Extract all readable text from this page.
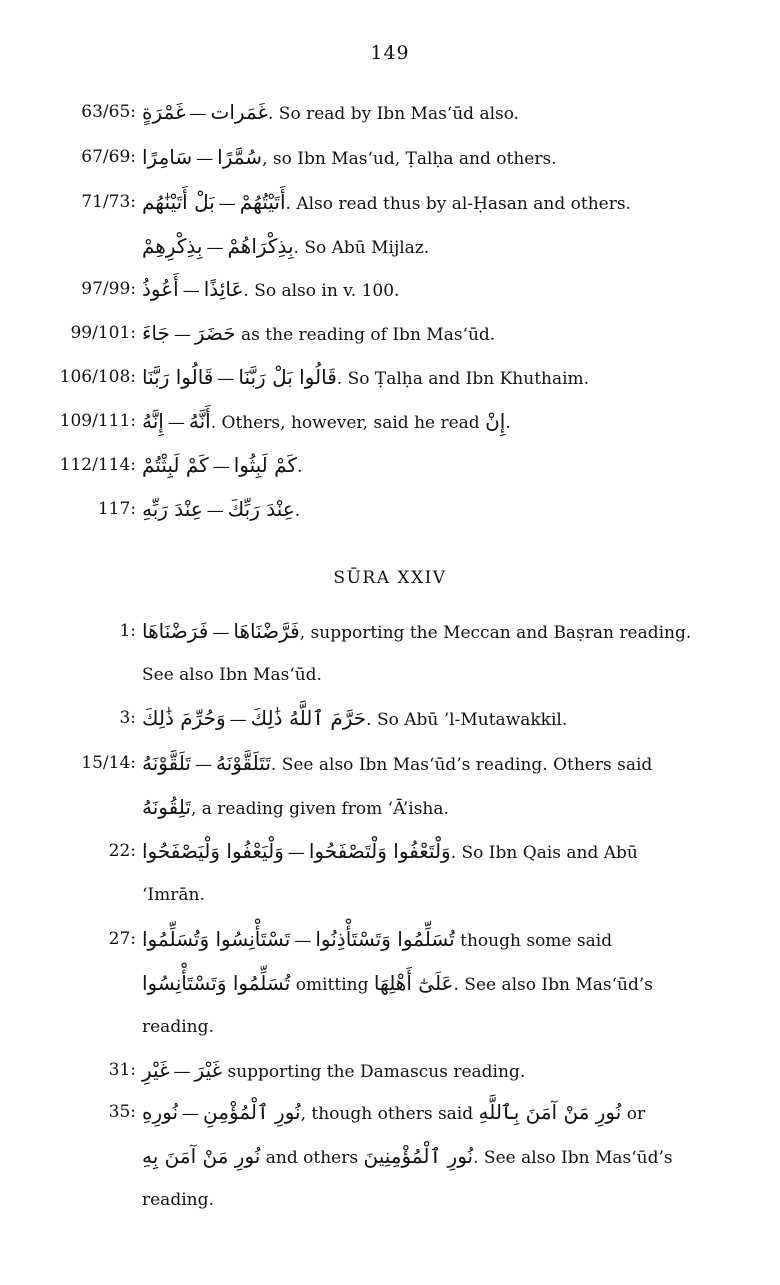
149
63/65: غَمْرَةٍ — غَمَرات. So read by Ibn Mas‘ūd also.
67/69: سَامِرًا — سُمَّرًا, so Ibn Mas‘ud, Ṭalḥa and others.
71/73: بَلْ أَتَيْنَٰهُم — أَتَيْتُهُمْ. Also read thus by al-Ḥasan and others.
بِذِكْرِهِمْ — بِذِكْرَاهُمْ. So Abū Mijlaz.
97/99: أَعُوذُ — عَائِذًا. So also in v. 100.
99/101: جَاءَ — حَضَرَ as the reading of Ibn Mas‘ūd.
106/108: قَالُوا رَبَّنَا — قَالُوا بَلْ رَبَّنَا. So Ṭalḥa and Ibn Khuthaim.
109/111: إِنَّهُ — أَنَّهُ. Others, however, said he read إِنْ.
112/114: كَمْ لَبِثْتُمْ — كَمْ لَبِثُوا.
117: عِنْدَ رَبِّهِ — عِنْدَ رَبِّكَ.
SŪRA XXIV
1: فَرَضْنَاهَا — فَرَّضْنَاهَا, supporting the Meccan and Baṣran reading.
See also Ibn Mas‘ūd.
3: وَحُرِّمَ ذَٰلِكَ — حَرَّمَ ٱللَّهُ ذَٰلِكَ. So Abū ’l-Mutawakkil.
15/14: تَلَقَّوْنَهُ — تَتَلَقَّوْنَهُ. See also Ibn Mas‘ūd’s reading. Others said
تَلِقُونَهُ, a reading given from ‘Ā’isha.
22: وَلْيَعْفُوا وَلْيَصْفَحُوا — وَلْتَعْفُوا وَلْتَصْفَحُوا. So Ibn Qais and Abū
‘Imrān.
27: تَسْتَأْنِسُوا وَتُسَلِّمُوا — تُسَلِّمُوا وَتَسْتَأْذِنُوا though some said
تُسَلِّمُوا وَتَسْتَأْنِسُوا omitting عَلَىٰٓ أَهْلِهَا. See also Ibn Mas‘ūd’s
reading.
31: غَيْرِ — غَيْرَ supporting the Damascus reading.
35: نُورِهِ — نُورِ ٱلْمُؤْمِنِ, though others said نُورِ مَنْ آمَنَ بِٱللَّهِ or
نُورِ مَنْ آمَنَ بِهِ and others نُورِ ٱلْمُؤْمِنِينَ. See also Ibn Mas‘ūd’s
reading.
